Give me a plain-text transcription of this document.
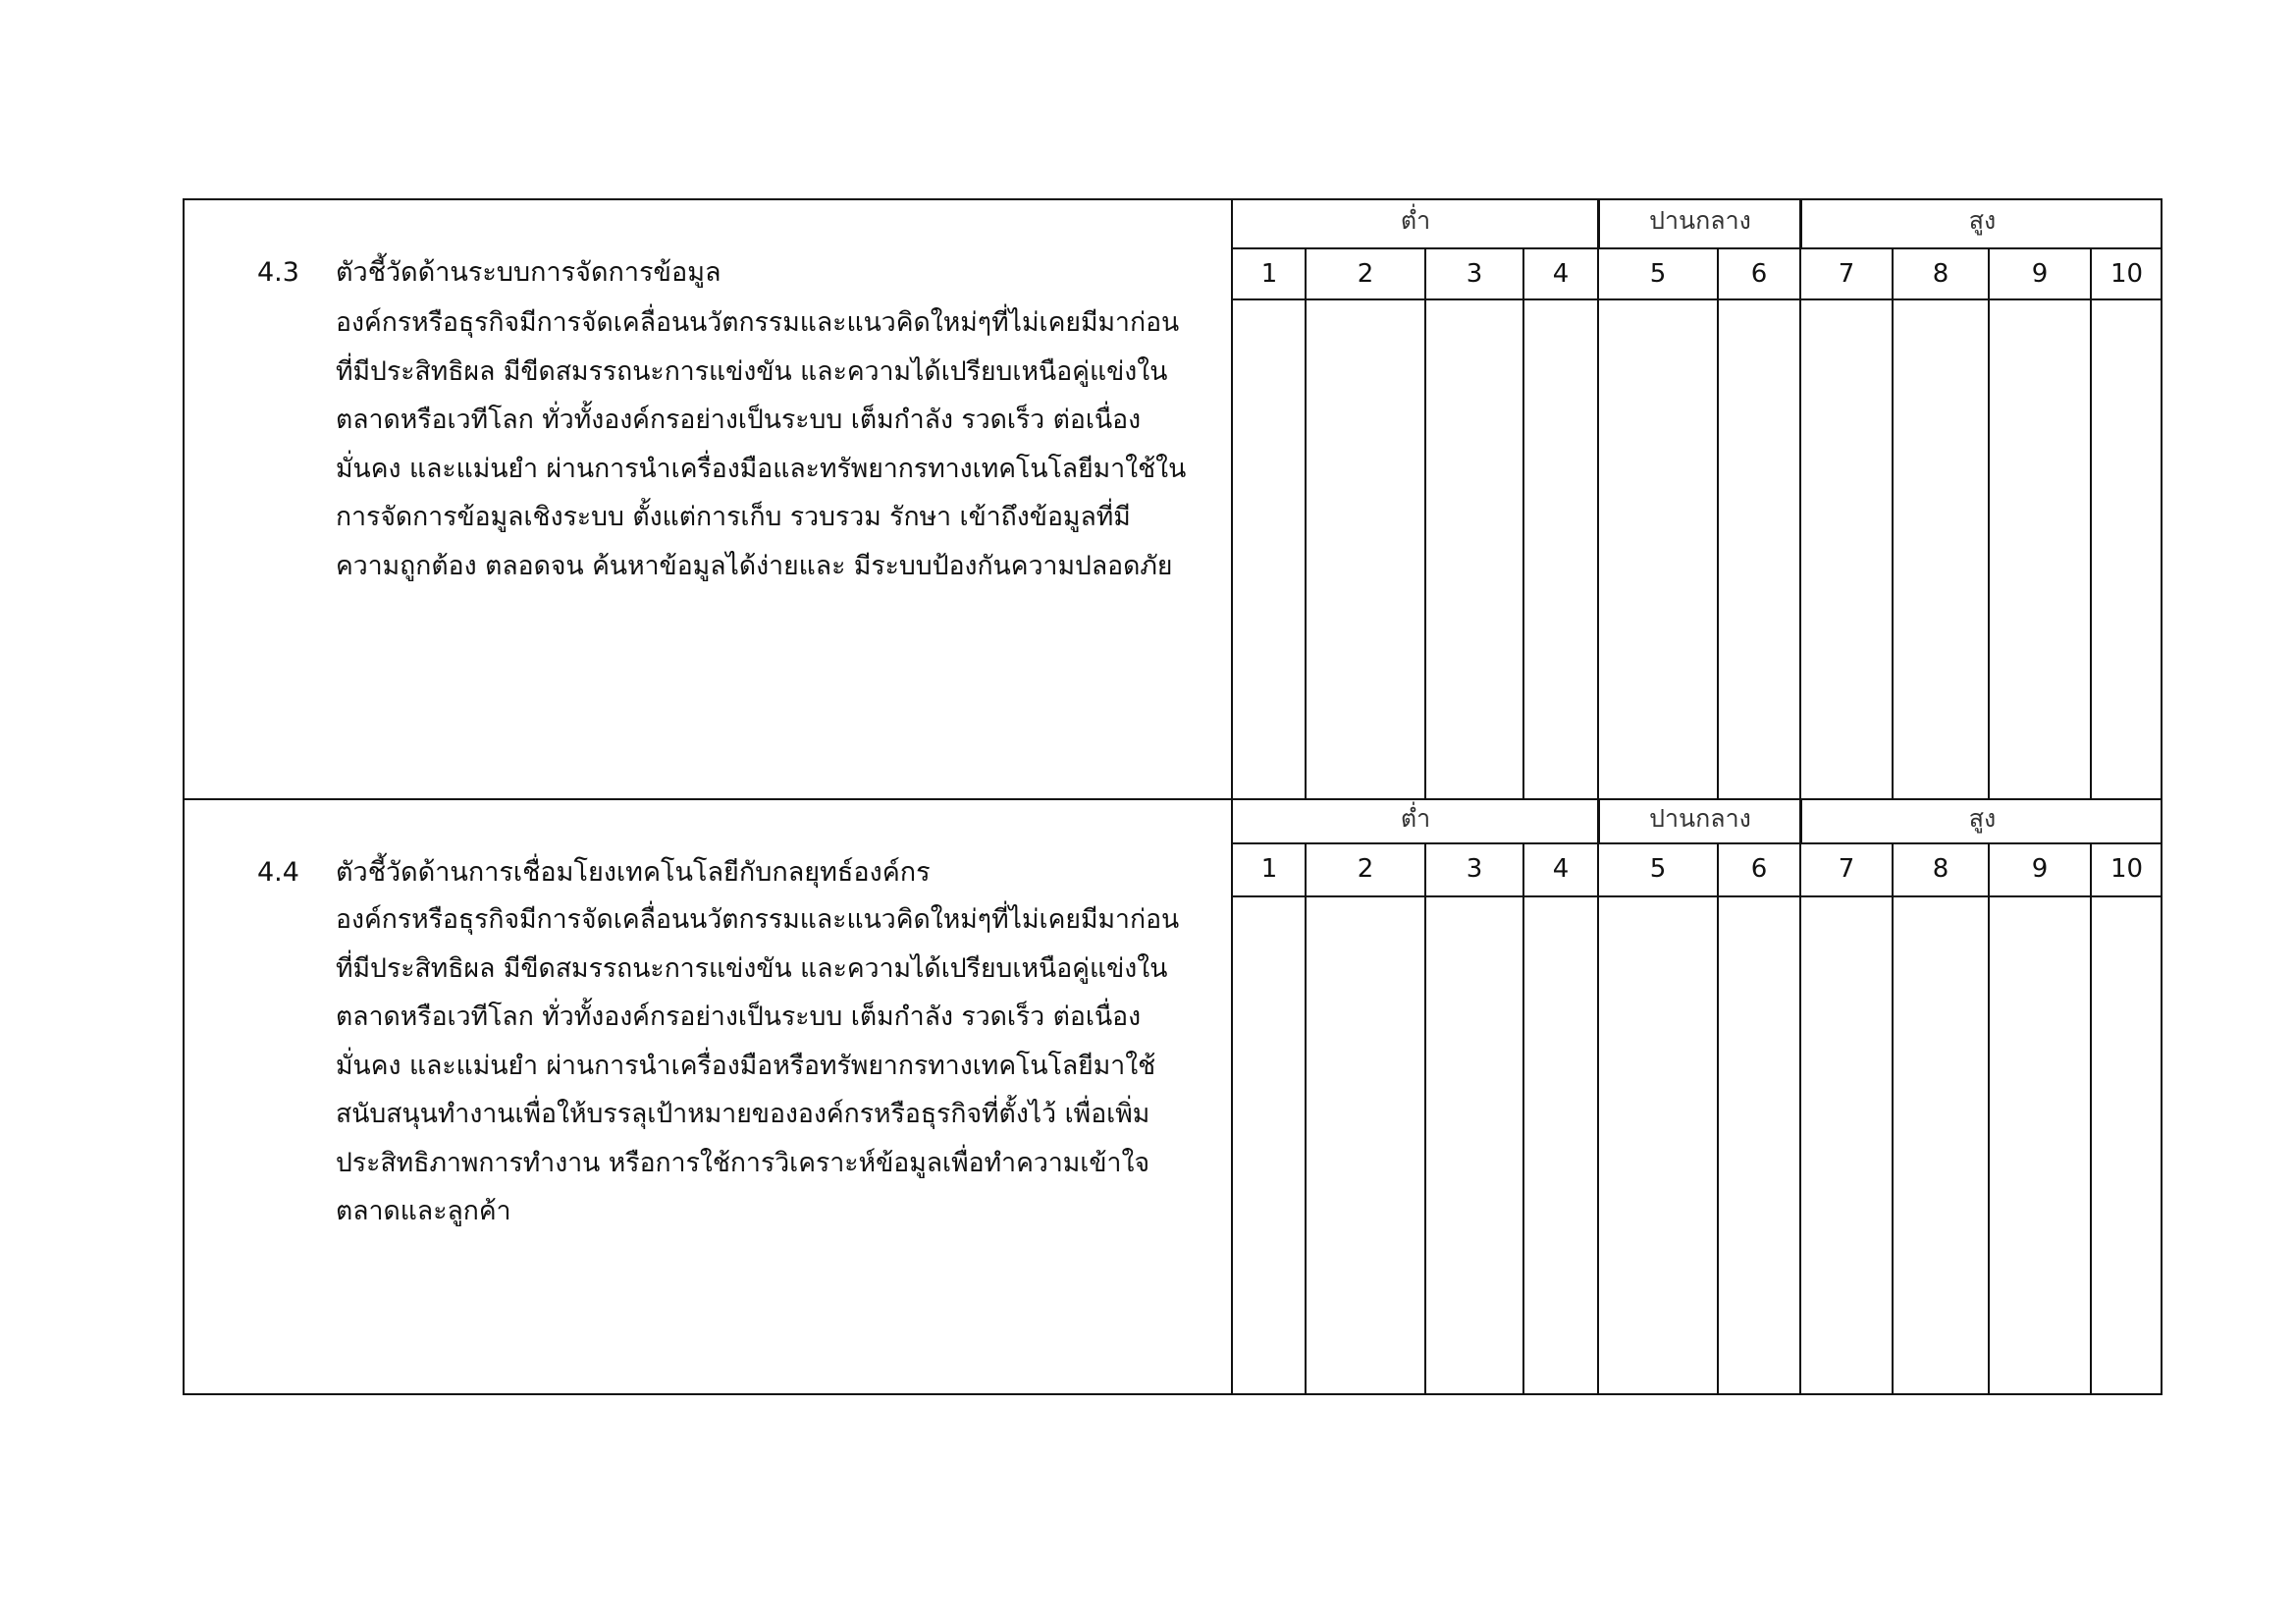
4.3 ตัวชี้วัดด้านระบบการจัดการข้อมูล
องค์กรหรือธุรกิจมีการจัดเคลื่อนนวัตกรรมและแนวคิดใหม่ๆที่ไม่เคยมีมาก่อน
ที่มีประสิทธิผล มีขีดสมรรถนะการแข่งขัน และความได้เปรียบเหนือคู่แข่งใน
ตลาดหรือเวทีโลก ทั่วทั้งองค์กรอย่างเป็นระบบ เต็มกำลัง รวดเร็ว ต่อเนื่อง
มั่นคง และแม่นยำ ผ่านการนำเครื่องมือและทรัพยากรทางเทคโนโลยีมาใช้ใน
การจัดการข้อมูลเชิงระบบ ตั้งแต่การเก็บ รวบรวม รักษา เข้าถึงข้อมูลที่มี
ความถูกต้อง ตลอดจน ค้นหาข้อมูลได้ง่ายและ มีระบบป้องกันความปลอดภัย
ต่ำ	ปานกลาง	สูง
1	2	3	4	5	6	7	8	9	10
4.4 ตัวชี้วัดด้านการเชื่อมโยงเทคโนโลยีกับกลยุทธ์องค์กร
องค์กรหรือธุรกิจมีการจัดเคลื่อนนวัตกรรมและแนวคิดใหม่ๆที่ไม่เคยมีมาก่อน
ที่มีประสิทธิผล มีขีดสมรรถนะการแข่งขัน และความได้เปรียบเหนือคู่แข่งใน
ตลาดหรือเวทีโลก ทั่วทั้งองค์กรอย่างเป็นระบบ เต็มกำลัง รวดเร็ว ต่อเนื่อง
มั่นคง และแม่นยำ ผ่านการนำเครื่องมือหรือทรัพยากรทางเทคโนโลยีมาใช้
สนับสนุนทำงานเพื่อให้บรรลุเป้าหมายขององค์กรหรือธุรกิจที่ตั้งไว้ เพื่อเพิ่ม
ประสิทธิภาพการทำงาน หรือการใช้การวิเคราะห์ข้อมูลเพื่อทำความเข้าใจ
ตลาดและลูกค้า
ต่ำ	ปานกลาง	สูง
1	2	3	4	5	6	7	8	9	10
